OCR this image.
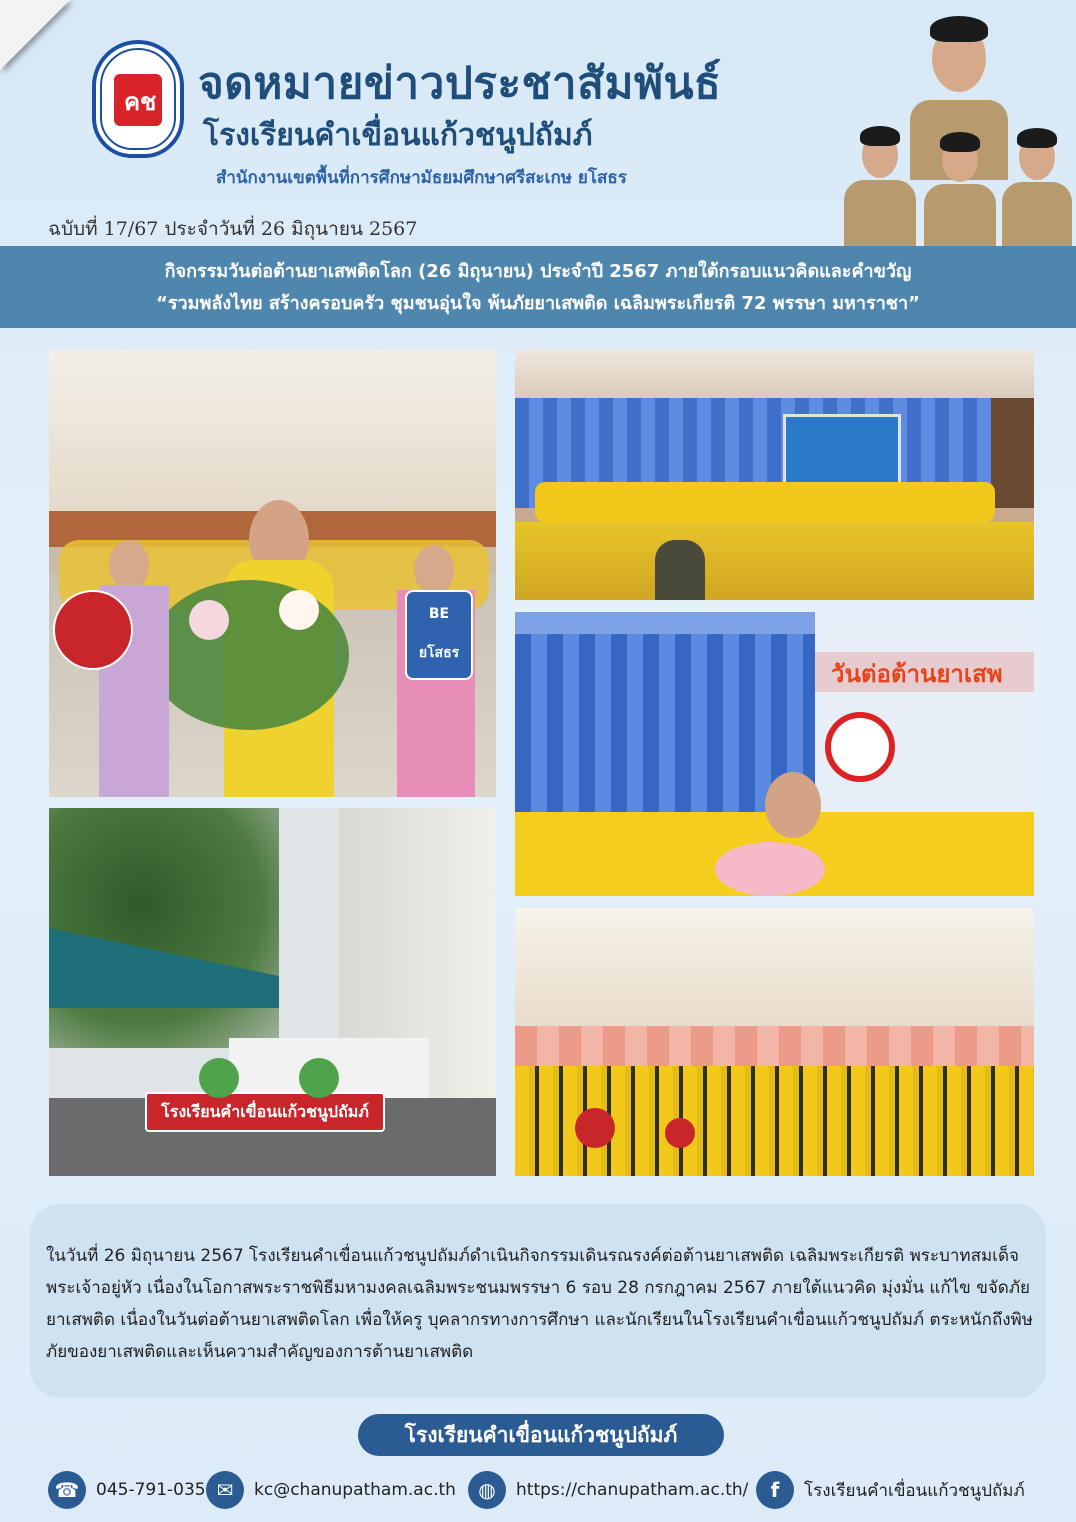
คช จดหมายข่าวประชาสัมพันธ์
โรงเรียนคำเขื่อนแก้วชนูปถัมภ์

สำนักงานเขตพื้นที่การศึกษามัธยมศึกษาศรีสะเกษ ยโสธร

ฉบับที่ 17/67 ประจำวันที่ 26 มิถุนายน 2567

กิจกรรมวันต่อต้านยาเสพติดโลก (26 มิถุนายน) ประจำปี 2567 ภายใต้กรอบแนวคิดและคำขวัญ

“รวมพลังไทย สร้างครอบครัว ชุมชนอุ่นใจ พ้นภัยยาเสพติด เฉลิมพระเกียรติ 72 พรรษา มหาราชา”

BE
ยโสธร
วันต่อต้านยาเสพ
โรงเรียนคำเขื่อนแก้วชนูปถัมภ์

ในวันที่ 26 มิถุนายน 2567 โรงเรียนคำเขื่อนแก้วชนูปถัมภ์ดำเนินกิจกรรมเดินรณรงค์ต่อต้านยาเสพติด เฉลิมพระเกียรติ พระบาทสมเด็จพระเจ้าอยู่หัว เนื่องในโอกาสพระราชพิธีมหามงคลเฉลิมพระชนมพรรษา 6 รอบ 28 กรกฎาคม 2567 ภายใต้แนวคิด มุ่งมั่น แก้ไข ขจัดภัยยาเสพติด เนื่องในวันต่อต้านยาเสพติดโลก เพื่อให้ครู บุคลากรทางการศึกษา และนักเรียนในโรงเรียนคำเขื่อนแก้วชนูปถัมภ์ ตระหนักถึงพิษภัยของยาเสพติดและเห็นความสำคัญของการต้านยาเสพติด

โรงเรียนคำเขื่อนแก้วชนูปถัมภ์
☎ 045-791-035 ✉	kc@chanupatham.ac.th	◍	https://chanupatham.ac.th/	f	โรงเรียนคำเขื่อนแก้วชนูปถัมภ์
